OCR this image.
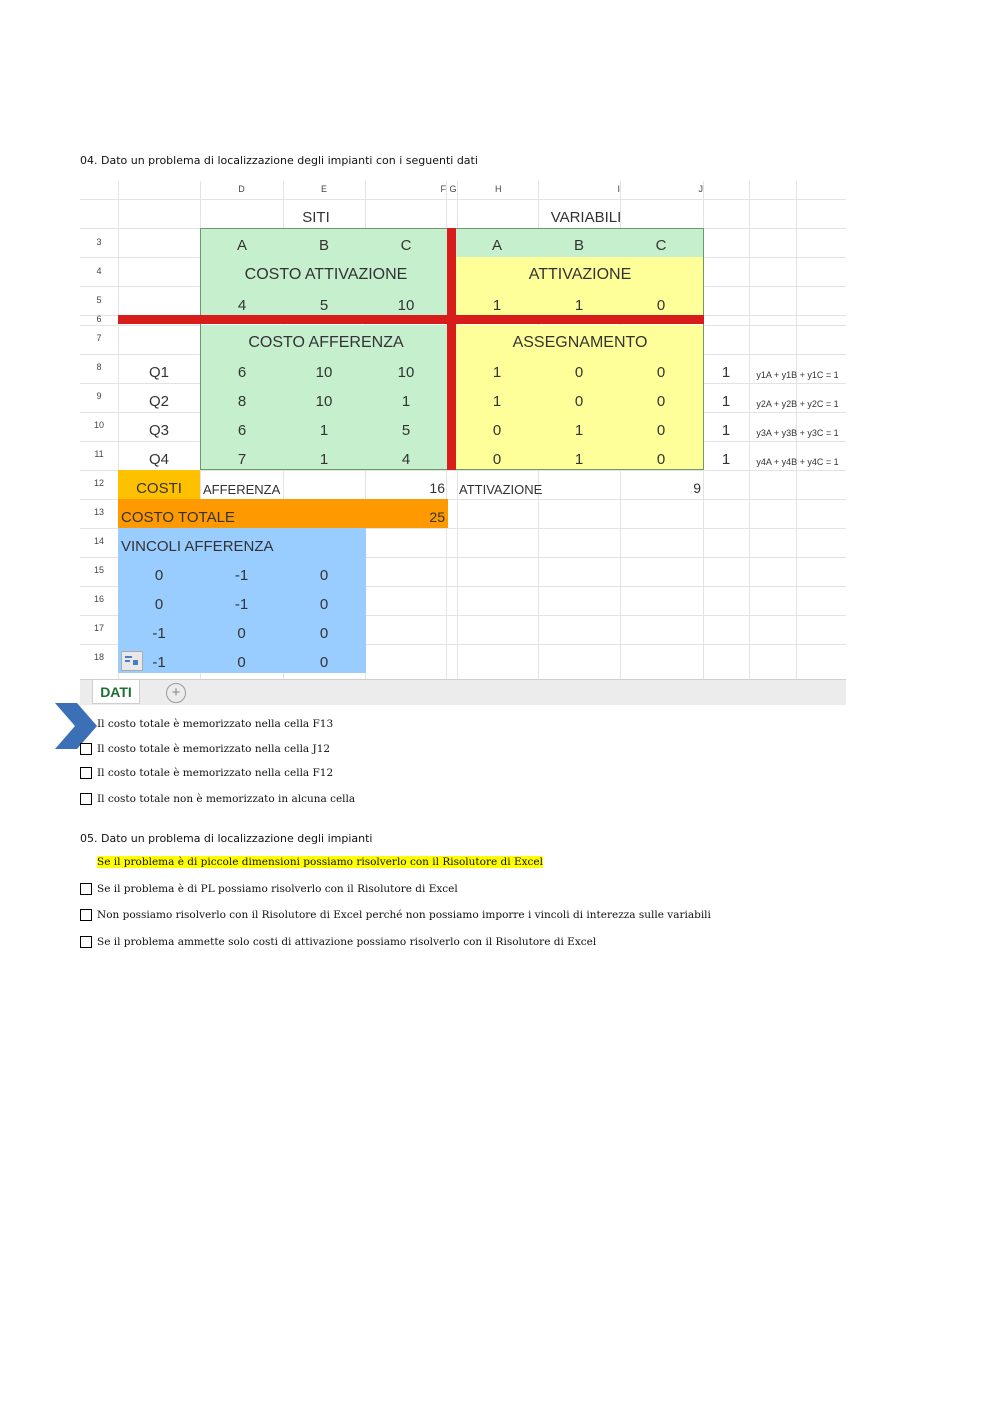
04. Dato un problema di localizzazione degli impianti con i seguenti dati
D	E	F G	H	I	J
3
4
5
6
7
8
9
10
11
12
13
14
15
16
17
18
SITI	VARIABILI
A	B	C	A	B	C
COSTO ATTIVAZIONE	ATTIVAZIONE
4	5	10	1	1	0
COSTO AFFERENZA	ASSEGNAMENTO
Q1	6	10	10	1	0	0	1	y1A + y1B + y1C = 1
Q2	8	10	1	1	0	0	1	y2A + y2B + y2C = 1
Q3	6	1	5	0	1	0	1	y3A + y3B + y3C = 1
Q4	7	1	4	0	1	0	1	y4A + y4B + y4C = 1
COSTI	AFFERENZA	16 ATTIVAZIONE	9
COSTO TOTALE	25
VINCOLI AFFERENZA
0	-1	0
0	-1	0
-1	0	0
-1	0	0
DATI	+
Il costo totale è memorizzato nella cella F13
Il costo totale è memorizzato nella cella J12
Il costo totale è memorizzato nella cella F12
Il costo totale non è memorizzato in alcuna cella
05. Dato un problema di localizzazione degli impianti
Se il problema è di piccole dimensioni possiamo risolverlo con il Risolutore di Excel
Se il problema è di PL possiamo risolverlo con il Risolutore di Excel
Non possiamo risolverlo con il Risolutore di Excel perché non possiamo imporre i vincoli di interezza sulle variabili
Se il problema ammette solo costi di attivazione possiamo risolverlo con il Risolutore di Excel
